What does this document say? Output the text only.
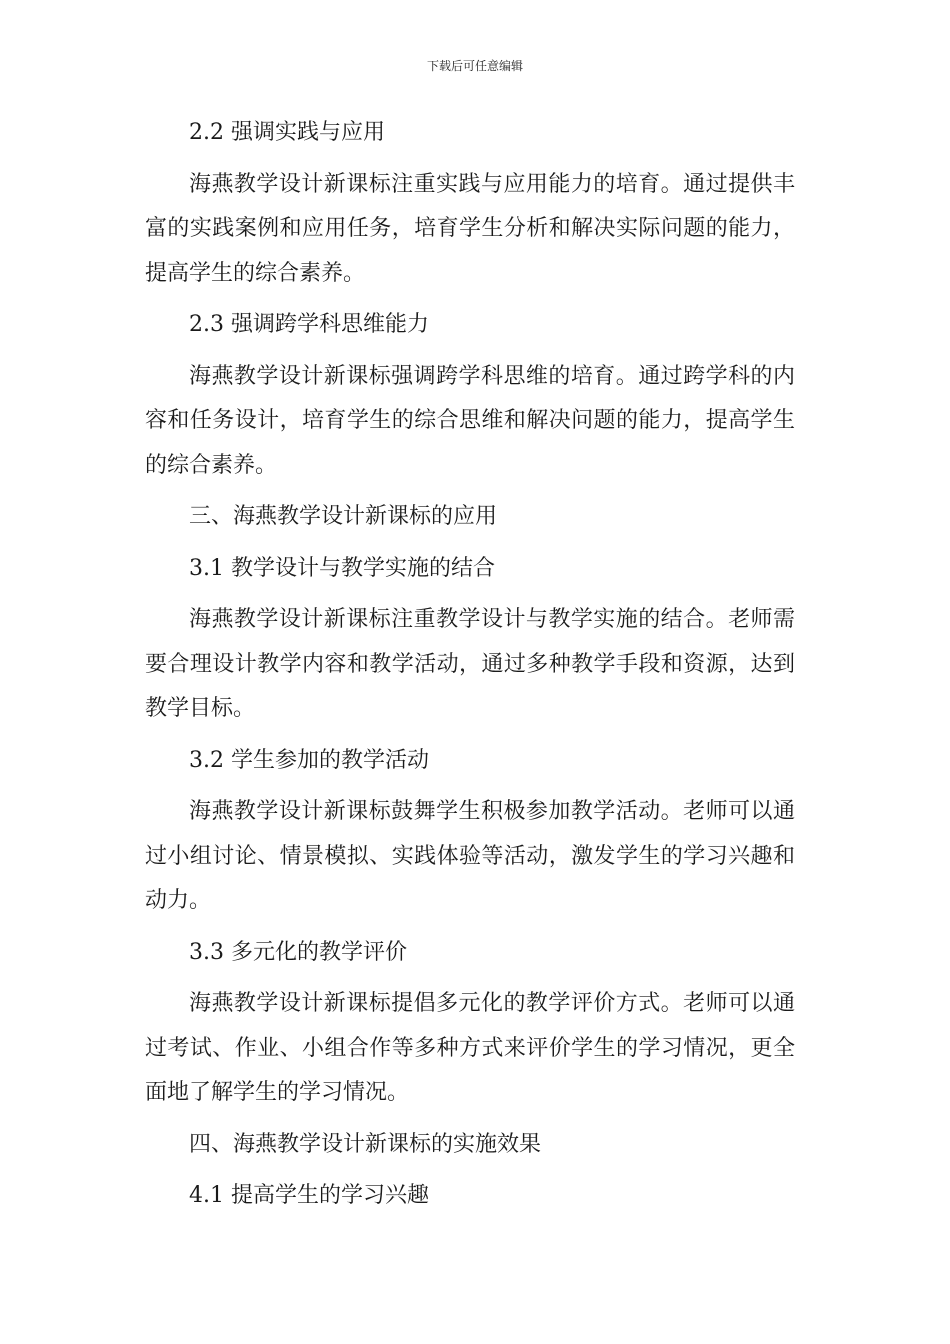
下载后可任意编辑

2.2 强调实践与应用

海燕教学设计新课标注重实践与应用能力的培育。通过提供丰富的实践案例和应用任务，培育学生分析和解决实际问题的能力，提高学生的综合素养。

2.3 强调跨学科思维能力

海燕教学设计新课标强调跨学科思维的培育。通过跨学科的内容和任务设计，培育学生的综合思维和解决问题的能力，提高学生的综合素养。

三、海燕教学设计新课标的应用

3.1 教学设计与教学实施的结合

海燕教学设计新课标注重教学设计与教学实施的结合。老师需要合理设计教学内容和教学活动，通过多种教学手段和资源，达到教学目标。

3.2 学生参加的教学活动

海燕教学设计新课标鼓舞学生积极参加教学活动。老师可以通过小组讨论、情景模拟、实践体验等活动，激发学生的学习兴趣和动力。

3.3 多元化的教学评价

海燕教学设计新课标提倡多元化的教学评价方式。老师可以通过考试、作业、小组合作等多种方式来评价学生的学习情况，更全面地了解学生的学习情况。

四、海燕教学设计新课标的实施效果

4.1 提高学生的学习兴趣
